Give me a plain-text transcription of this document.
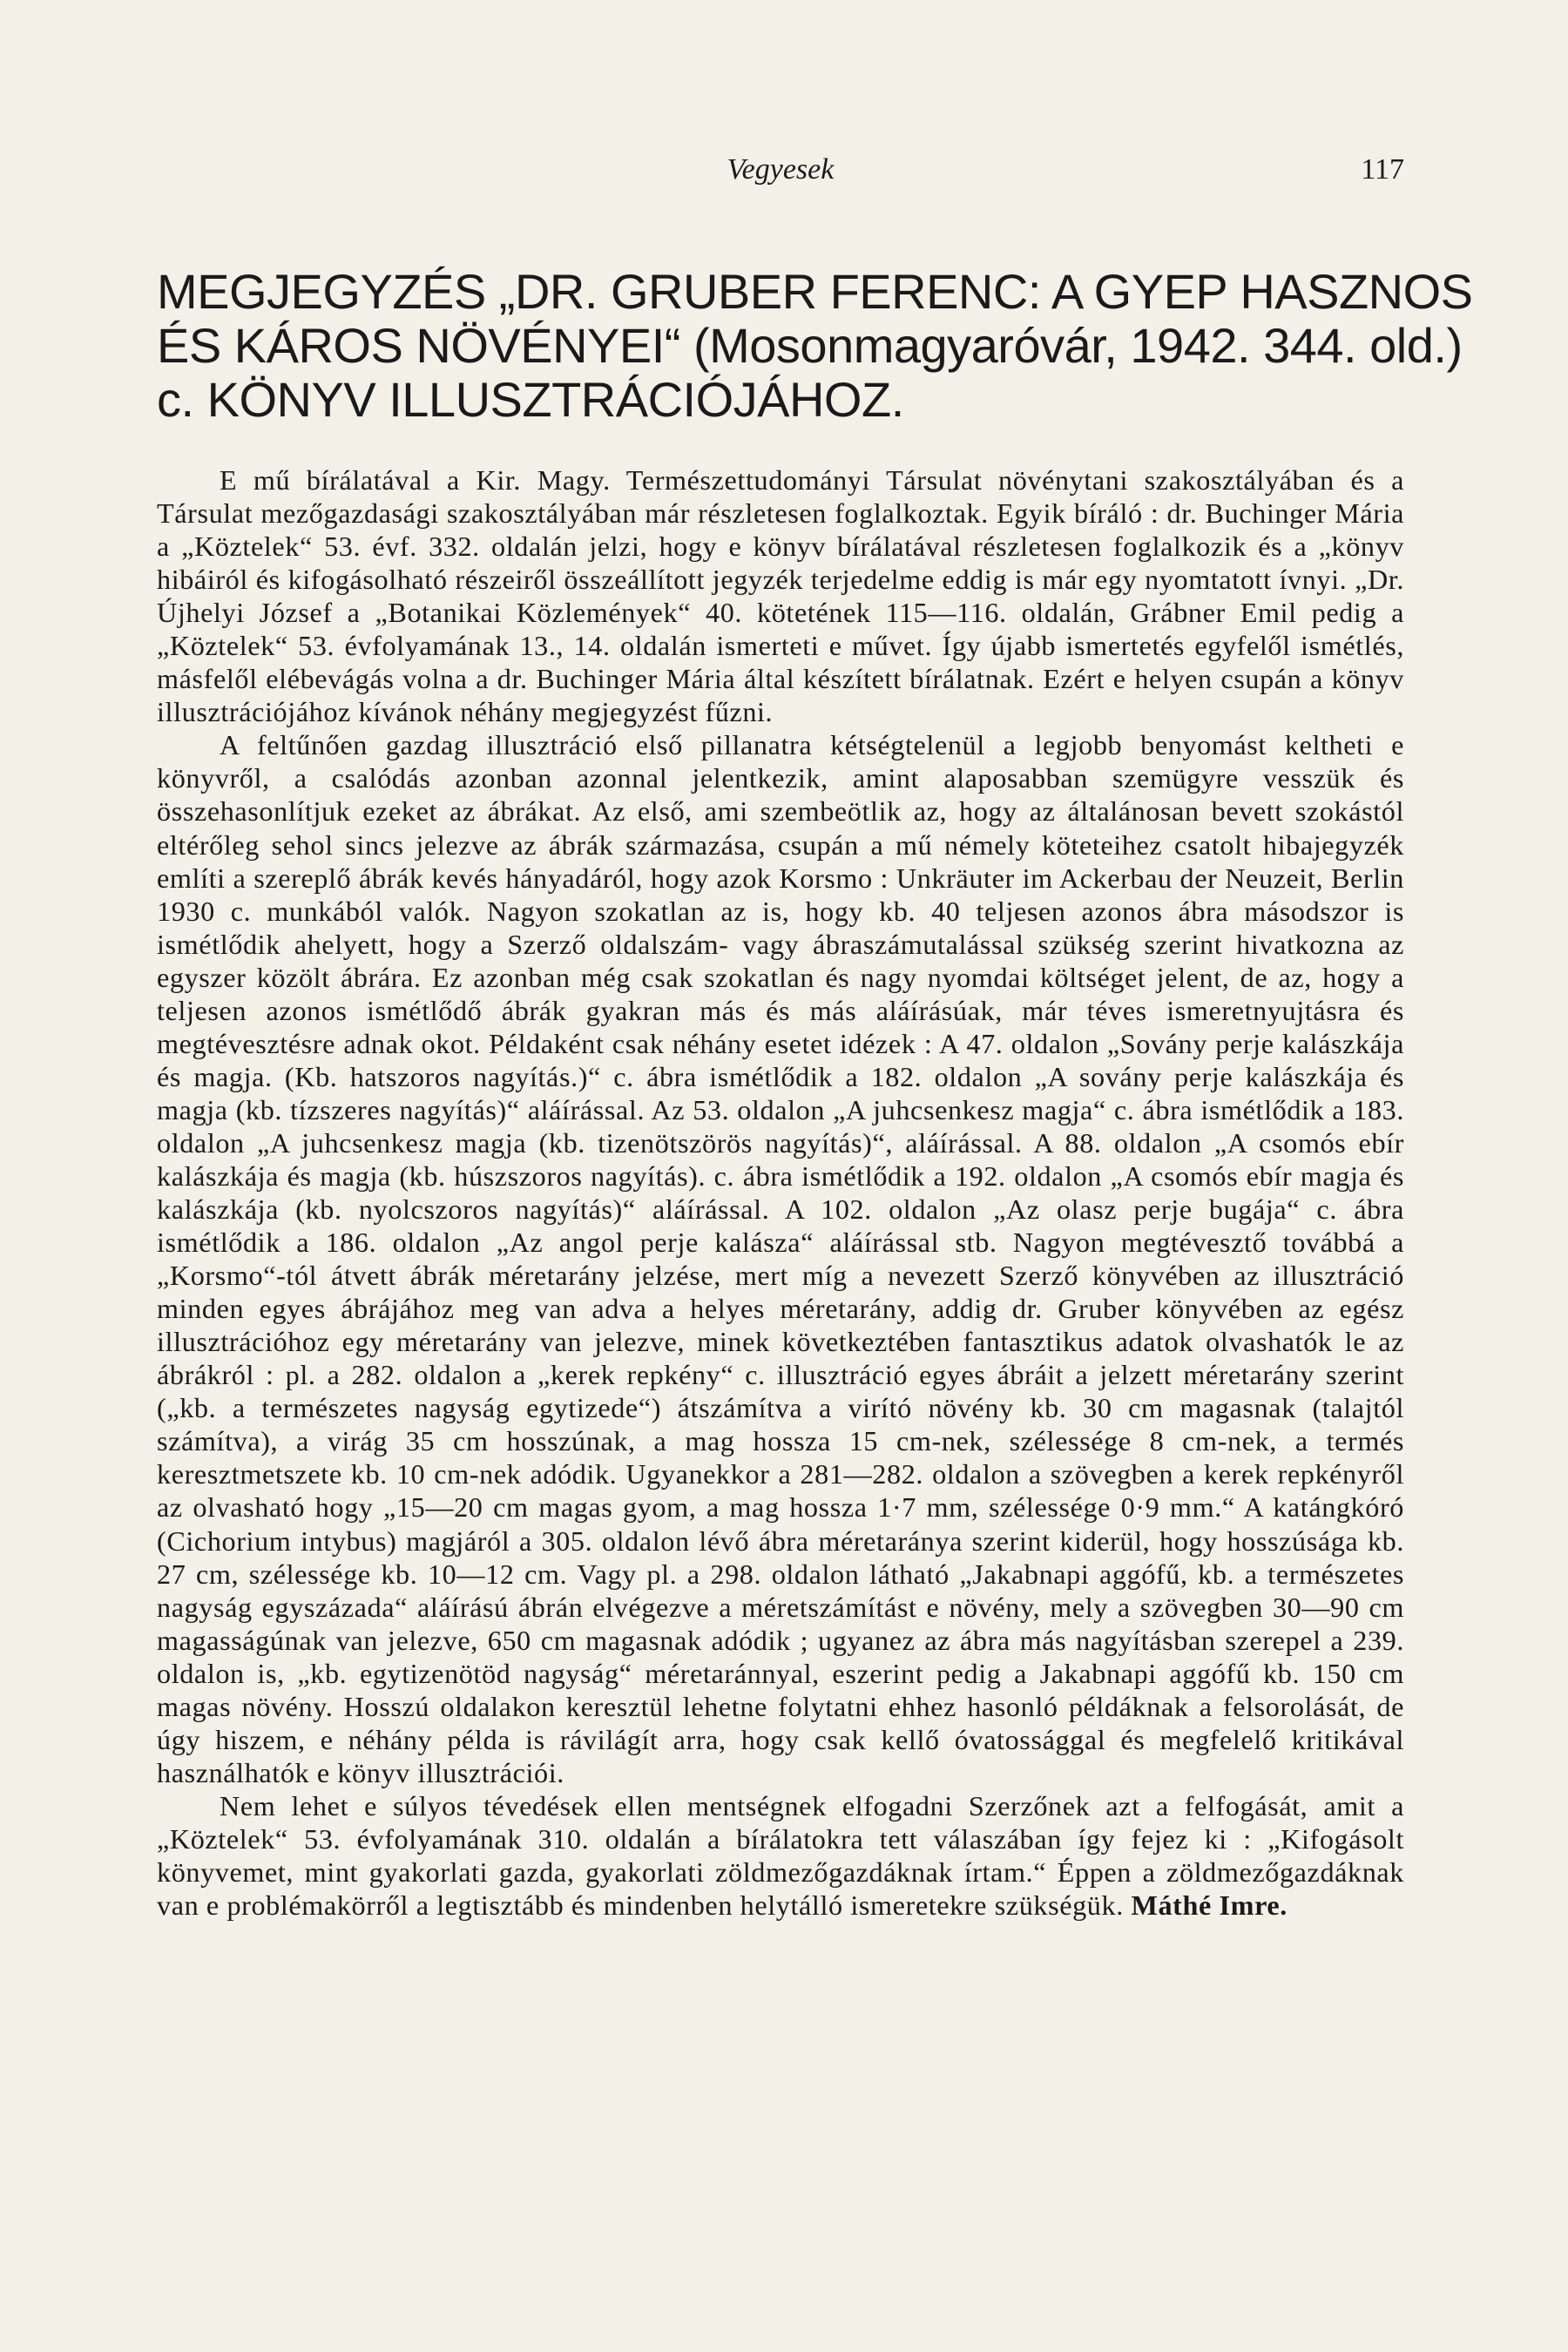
Vegyesek	117
MEGJEGYZÉS „DR. GRUBER FERENC: A GYEP HASZNOS
ÉS KÁROS NÖVÉNYEI“ (Mosonmagyaróvár, 1942. 344. old.)
c. KÖNYV ILLUSZTRÁCIÓJÁHOZ.

E mű bírálatával a Kir. Magy. Természettudományi Társulat növénytani szakosztályában és a Társulat mezőgazdasági szakosztályában már részletesen foglalkoztak. Egyik bíráló : dr. Buchinger Mária a „Köztelek“ 53. évf. 332. oldalán jelzi, hogy e könyv bírálatával részletesen foglalkozik és a „könyv hibáiról és kifogásolható részeiről összeállított jegyzék terjedelme eddig is már egy nyomtatott ívnyi. „Dr. Újhelyi József a „Botanikai Közlemények“ 40. kötetének 115—116. oldalán, Grábner Emil pedig a „Köztelek“ 53. évfolyamának 13., 14. oldalán ismerteti e művet. Így újabb ismertetés egyfelől ismétlés, másfelől elébevágás volna a dr. Buchinger Mária által készített bírálatnak. Ezért e helyen csupán a könyv illusztrációjához kívánok néhány megjegyzést fűzni.

A feltűnően gazdag illusztráció első pillanatra kétségtelenül a legjobb benyomást keltheti e könyvről, a csalódás azonban azonnal jelentkezik, amint alaposabban szemügyre vesszük és összehasonlítjuk ezeket az ábrákat. Az első, ami szembeötlik az, hogy az általánosan bevett szokástól eltérőleg sehol sincs jelezve az ábrák származása, csupán a mű némely köteteihez csatolt hibajegyzék említi a szereplő ábrák kevés hányadáról, hogy azok Korsmo : Unkräuter im Ackerbau der Neuzeit, Berlin 1930 c. munkából valók. Nagyon szokatlan az is, hogy kb. 40 teljesen azonos ábra másodszor is ismétlődik ahelyett, hogy a Szerző oldalszám- vagy ábraszámutalással szükség szerint hivatkozna az egyszer közölt ábrára. Ez azonban még csak szokatlan és nagy nyomdai költséget jelent, de az, hogy a teljesen azonos ismétlődő ábrák gyakran más és más aláírásúak, már téves ismeretnyujtásra és megtévesztésre adnak okot. Példaként csak néhány esetet idézek : A 47. oldalon „Sovány perje kalászkája és magja. (Kb. hatszoros nagyítás.)“ c. ábra ismétlődik a 182. oldalon „A sovány perje kalászkája és magja (kb. tízszeres nagyítás)“ aláírással. Az 53. oldalon „A juhcsenkesz magja“ c. ábra ismétlődik a 183. oldalon „A juhcsenkesz magja (kb. tizenötszörös nagyítás)“, aláírással. A 88. oldalon „A csomós ebír kalászkája és magja (kb. húszszoros nagyítás). c. ábra ismétlődik a 192. oldalon „A csomós ebír magja és kalászkája (kb. nyolcszoros nagyítás)“ aláírással. A 102. oldalon „Az olasz perje bugája“ c. ábra ismétlődik a 186. oldalon „Az angol perje kalásza“ aláírással stb. Nagyon megtévesztő továbbá a „Korsmo“-tól átvett ábrák méretarány jelzése, mert míg a nevezett Szerző könyvében az illusztráció minden egyes ábrájához meg van adva a helyes méretarány, addig dr. Gruber könyvében az egész illusztrációhoz egy méretarány van jelezve, minek következtében fantasztikus adatok olvashatók le az ábrákról : pl. a 282. oldalon a „kerek repkény“ c. illusztráció egyes ábráit a jelzett méretarány szerint („kb. a természetes nagyság egytizede“) átszámítva a virító növény kb. 30 cm magasnak (talajtól számítva), a virág 35 cm hosszúnak, a mag hossza 15 cm-nek, szélessége 8 cm-nek, a termés keresztmetszete kb. 10 cm-nek adódik. Ugyanekkor a 281—282. oldalon a szövegben a kerek repkényről az olvasható hogy „15—20 cm magas gyom, a mag hossza 1·7 mm, szélessége 0·9 mm.“ A katángkóró (Cichorium intybus) magjáról a 305. oldalon lévő ábra méretaránya szerint kiderül, hogy hosszúsága kb. 27 cm, szélessége kb. 10—12 cm. Vagy pl. a 298. oldalon látható „Jakabnapi aggófű, kb. a természetes nagyság egyszázada“ aláírású ábrán elvégezve a méretszámítást e növény, mely a szövegben 30—90 cm magasságúnak van jelezve, 650 cm magasnak adódik ; ugyanez az ábra más nagyításban szerepel a 239. oldalon is, „kb. egytizenötöd nagyság“ méretaránnyal, eszerint pedig a Jakabnapi aggófű kb. 150 cm magas növény. Hosszú oldalakon keresztül lehetne folytatni ehhez hasonló példáknak a felsorolását, de úgy hiszem, e néhány példa is rávilágít arra, hogy csak kellő óvatossággal és megfelelő kritikával használhatók e könyv illusztrációi.

Nem lehet e súlyos tévedések ellen mentségnek elfogadni Szerzőnek azt a felfogását, amit a „Köztelek“ 53. évfolyamának 310. oldalán a bírálatokra tett válaszában így fejez ki : „Kifogásolt könyvemet, mint gyakorlati gazda, gyakorlati zöldmezőgazdáknak írtam.“ Éppen a zöldmezőgazdáknak van e problémakörről a legtisztább és mindenben helytálló ismeretekre szükségük. Máthé Imre.
